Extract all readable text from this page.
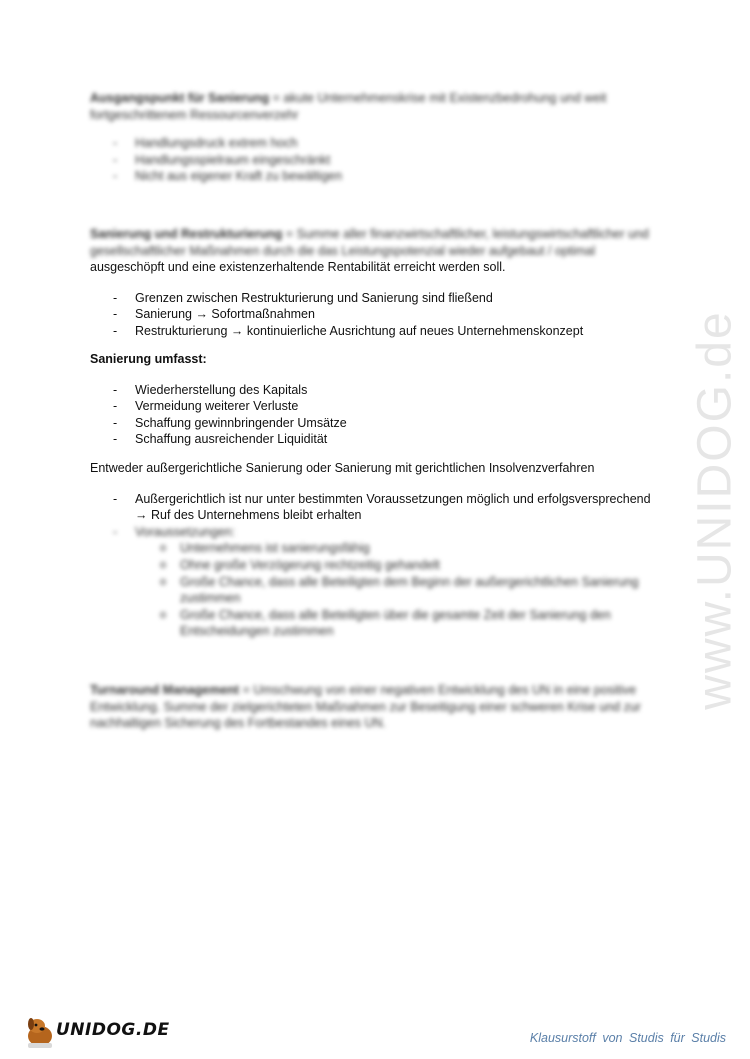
www.UNIDOG.de
Ausgangspunkt für Sanierung = akute Unternehmenskrise mit Existenzbedrohung und weit fortgeschrittenem Ressourcenverzehr
- Handlungsdruck extrem hoch
- Handlungsspielraum eingeschränkt
- Nicht aus eigener Kraft zu bewältigen
Sanierung und Restrukturierung = Summe aller finanzwirtschaftlicher, leistungswirtschaftlicher und gesellschaftlicher Maßnahmen durch die das Leistungspotenzial wieder aufgebaut / optimal
ausgeschöpft und eine existenzerhaltende Rentabilität erreicht werden soll.
- Grenzen zwischen Restrukturierung und Sanierung sind fließend
- Sanierung → Sofortmaßnahmen
- Restrukturierung → kontinuierliche Ausrichtung auf neues Unternehmenskonzept
Sanierung umfasst:
- Wiederherstellung des Kapitals
- Vermeidung weiterer Verluste
- Schaffung gewinnbringender Umsätze
- Schaffung ausreichender Liquidität
Entweder außergerichtliche Sanierung oder Sanierung mit gerichtlichen Insolvenzverfahren
- Außergerichtlich ist nur unter bestimmten Voraussetzungen möglich und erfolgsversprechend
→ Ruf des Unternehmens bleibt erhalten
- Voraussetzungen:
o Unternehmens ist sanierungsfähig
o Ohne große Verzögerung rechtzeitig gehandelt
o Große Chance, dass alle Beteiligten dem Beginn der außergerichtlichen Sanierung zustimmen
o Große Chance, dass alle Beteiligten über die gesamte Zeit der Sanierung den Entscheidungen zustimmen
Turnaround Management = Umschwung von einer negativen Entwicklung des UN in eine positive Entwicklung. Summe der zielgerichteten Maßnahmen zur Beseitigung einer schweren Krise und zur nachhaltigen Sicherung des Fortbestandes eines UN.
UNIDOG.DE	Klausurstoff von Studis für Studis
